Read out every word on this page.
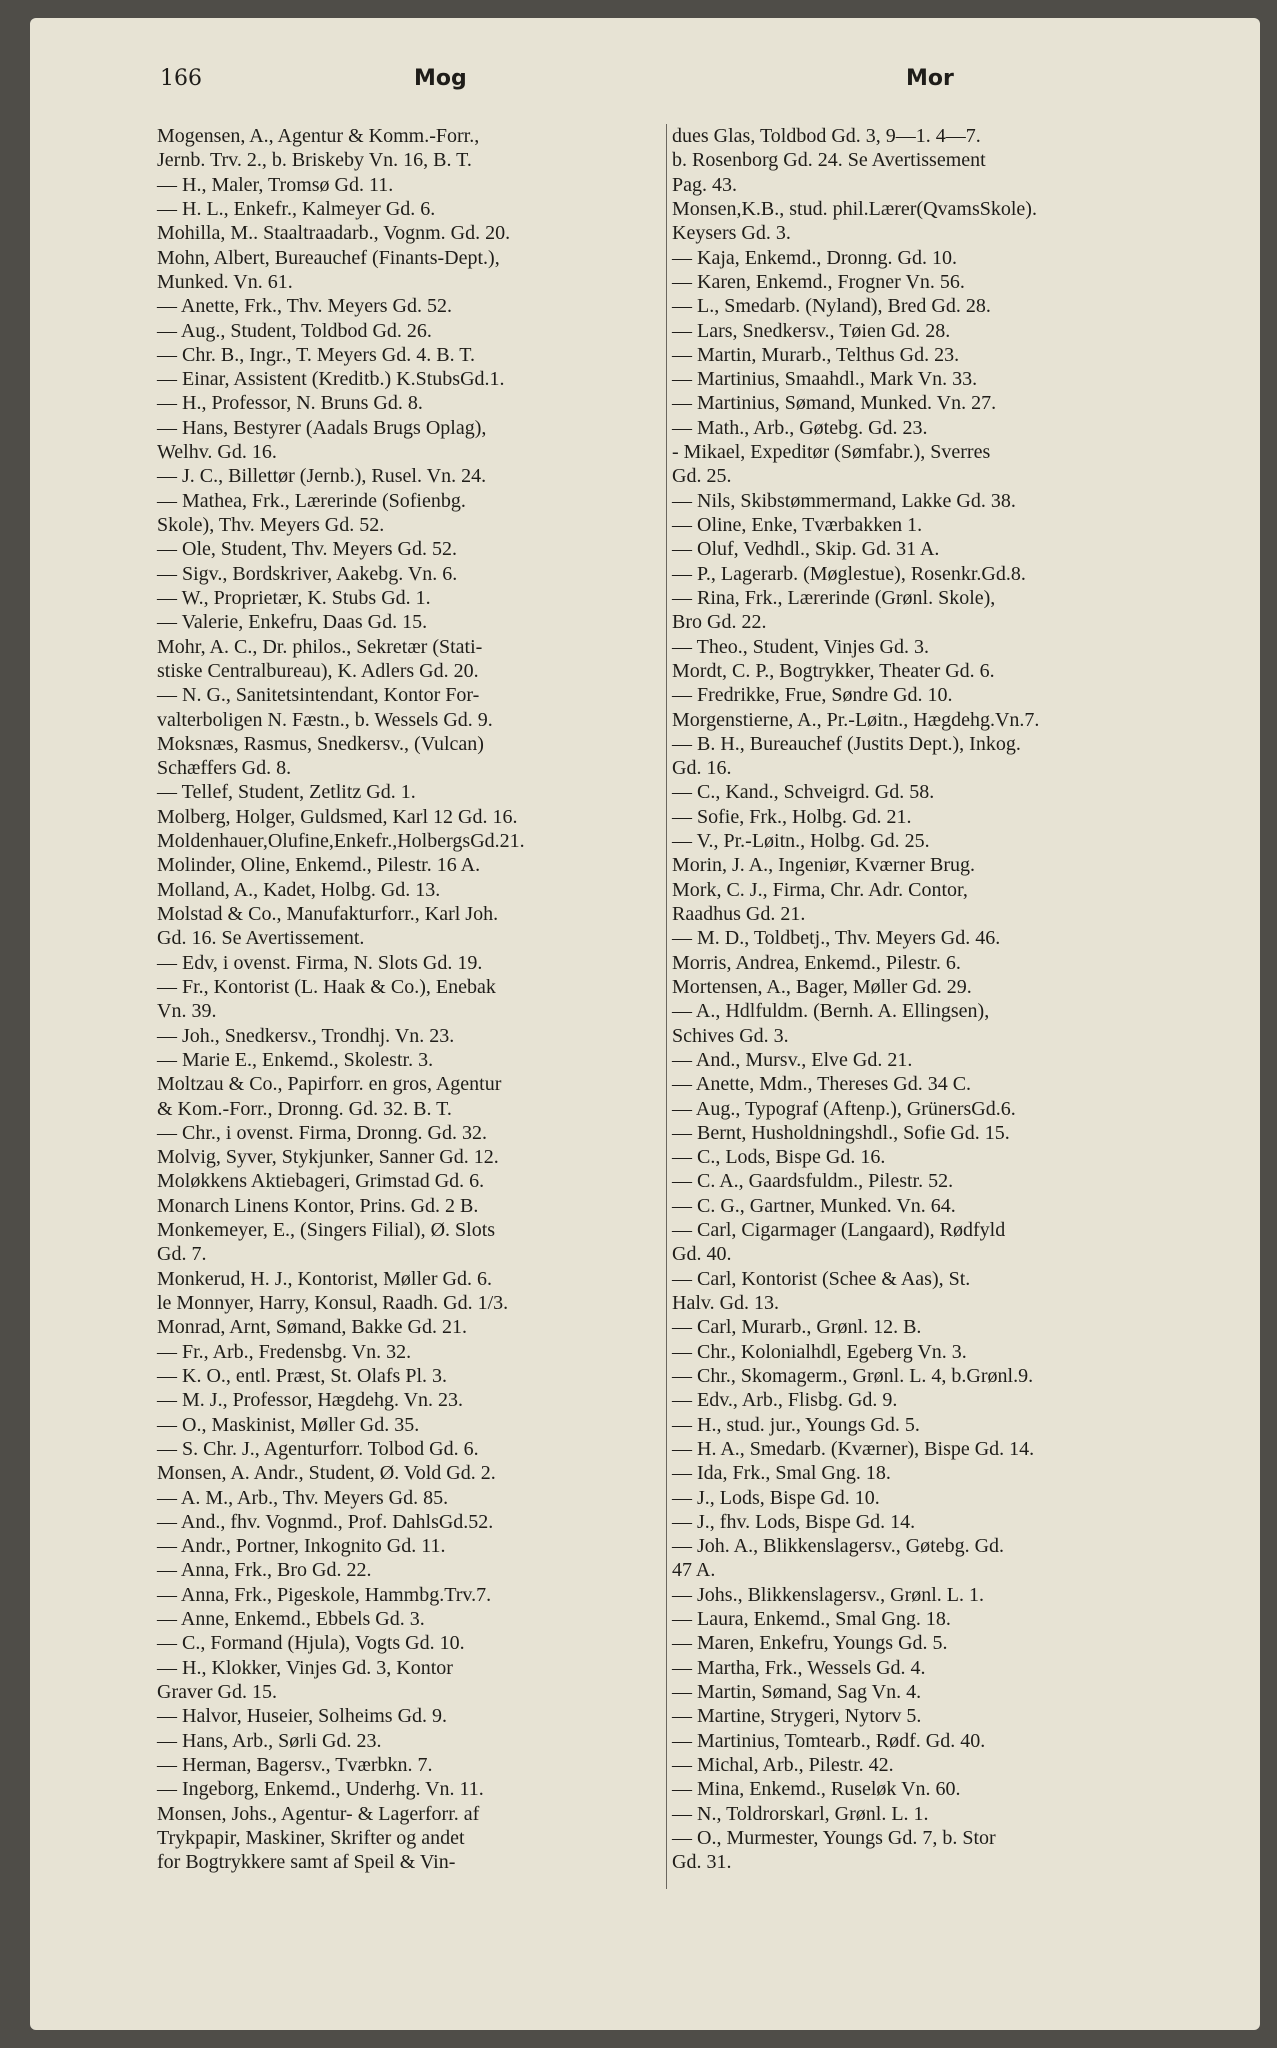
166	Mog	Mor
Mogensen, A., Agentur & Komm.-Forr.,
Jernb. Trv. 2., b. Briskeby Vn. 16, B. T.
— H., Maler, Tromsø Gd. 11.
— H. L., Enkefr., Kalmeyer Gd. 6.
Mohilla, M.. Staaltraadarb., Vognm. Gd. 20.
Mohn, Albert, Bureauchef (Finants-Dept.),
Munked. Vn. 61.
— Anette, Frk., Thv. Meyers Gd. 52.
— Aug., Student, Toldbod Gd. 26.
— Chr. B., Ingr., T. Meyers Gd. 4. B. T.
— Einar, Assistent (Kreditb.) K.StubsGd.1.
— H., Professor, N. Bruns Gd. 8.
— Hans, Bestyrer (Aadals Brugs Oplag),
Welhv. Gd. 16.
— J. C., Billettør (Jernb.), Rusel. Vn. 24.
— Mathea, Frk., Lærerinde (Sofienbg.
Skole), Thv. Meyers Gd. 52.
— Ole, Student, Thv. Meyers Gd. 52.
— Sigv., Bordskriver, Aakebg. Vn. 6.
— W., Proprietær, K. Stubs Gd. 1.
— Valerie, Enkefru, Daas Gd. 15.
Mohr, A. C., Dr. philos., Sekretær (Stati-
stiske Centralbureau), K. Adlers Gd. 20.
— N. G., Sanitetsintendant, Kontor For-
valterboligen N. Fæstn., b. Wessels Gd. 9.
Moksnæs, Rasmus, Snedkersv., (Vulcan)
Schæffers Gd. 8.
— Tellef, Student, Zetlitz Gd. 1.
Molberg, Holger, Guldsmed, Karl 12 Gd. 16.
Moldenhauer,Olufine,Enkefr.,HolbergsGd.21.
Molinder, Oline, Enkemd., Pilestr. 16 A.
Molland, A., Kadet, Holbg. Gd. 13.
Molstad & Co., Manufakturforr., Karl Joh.
Gd. 16. Se Avertissement.
— Edv, i ovenst. Firma, N. Slots Gd. 19.
— Fr., Kontorist (L. Haak & Co.), Enebak
Vn. 39.
— Joh., Snedkersv., Trondhj. Vn. 23.
— Marie E., Enkemd., Skolestr. 3.
Moltzau & Co., Papirforr. en gros, Agentur
& Kom.-Forr., Dronng. Gd. 32. B. T.
— Chr., i ovenst. Firma, Dronng. Gd. 32.
Molvig, Syver, Stykjunker, Sanner Gd. 12.
Moløkkens Aktiebageri, Grimstad Gd. 6.
Monarch Linens Kontor, Prins. Gd. 2 B.
Monkemeyer, E., (Singers Filial), Ø. Slots
Gd. 7.
Monkerud, H. J., Kontorist, Møller Gd. 6.
le Monnyer, Harry, Konsul, Raadh. Gd. 1/3.
Monrad, Arnt, Sømand, Bakke Gd. 21.
— Fr., Arb., Fredensbg. Vn. 32.
— K. O., entl. Præst, St. Olafs Pl. 3.
— M. J., Professor, Hægdehg. Vn. 23.
— O., Maskinist, Møller Gd. 35.
— S. Chr. J., Agenturforr. Tolbod Gd. 6.
Monsen, A. Andr., Student, Ø. Vold Gd. 2.
— A. M., Arb., Thv. Meyers Gd. 85.
— And., fhv. Vognmd., Prof. DahlsGd.52.
— Andr., Portner, Inkognito Gd. 11.
— Anna, Frk., Bro Gd. 22.
— Anna, Frk., Pigeskole, Hammbg.Trv.7.
— Anne, Enkemd., Ebbels Gd. 3.
— C., Formand (Hjula), Vogts Gd. 10.
— H., Klokker, Vinjes Gd. 3, Kontor
Graver Gd. 15.
— Halvor, Huseier, Solheims Gd. 9.
— Hans, Arb., Sørli Gd. 23.
— Herman, Bagersv., Tværbkn. 7.
— Ingeborg, Enkemd., Underhg. Vn. 11.
Monsen, Johs., Agentur- & Lagerforr. af
Trykpapir, Maskiner, Skrifter og andet
for Bogtrykkere samt af Speil & Vin-
dues Glas, Toldbod Gd. 3, 9—1. 4—7.
b. Rosenborg Gd. 24. Se Avertissement
Pag. 43.
Monsen,K.B., stud. phil.Lærer(QvamsSkole).
Keysers Gd. 3.
— Kaja, Enkemd., Dronng. Gd. 10.
— Karen, Enkemd., Frogner Vn. 56.
— L., Smedarb. (Nyland), Bred Gd. 28.
— Lars, Snedkersv., Tøien Gd. 28.
— Martin, Murarb., Telthus Gd. 23.
— Martinius, Smaahdl., Mark Vn. 33.
— Martinius, Sømand, Munked. Vn. 27.
— Math., Arb., Gøtebg. Gd. 23.
- Mikael, Expeditør (Sømfabr.), Sverres
Gd. 25.
— Nils, Skibstømmermand, Lakke Gd. 38.
— Oline, Enke, Tværbakken 1.
— Oluf, Vedhdl., Skip. Gd. 31 A.
— P., Lagerarb. (Møglestue), Rosenkr.Gd.8.
— Rina, Frk., Lærerinde (Grønl. Skole),
Bro Gd. 22.
— Theo., Student, Vinjes Gd. 3.
Mordt, C. P., Bogtrykker, Theater Gd. 6.
— Fredrikke, Frue, Søndre Gd. 10.
Morgenstierne, A., Pr.-Løitn., Hægdehg.Vn.7.
— B. H., Bureauchef (Justits Dept.), Inkog.
Gd. 16.
— C., Kand., Schveigrd. Gd. 58.
— Sofie, Frk., Holbg. Gd. 21.
— V., Pr.-Løitn., Holbg. Gd. 25.
Morin, J. A., Ingeniør, Kværner Brug.
Mork, C. J., Firma, Chr. Adr. Contor,
Raadhus Gd. 21.
— M. D., Toldbetj., Thv. Meyers Gd. 46.
Morris, Andrea, Enkemd., Pilestr. 6.
Mortensen, A., Bager, Møller Gd. 29.
— A., Hdlfuldm. (Bernh. A. Ellingsen),
Schives Gd. 3.
— And., Mursv., Elve Gd. 21.
— Anette, Mdm., Thereses Gd. 34 C.
— Aug., Typograf (Aftenp.), GrünersGd.6.
— Bernt, Husholdningshdl., Sofie Gd. 15.
— C., Lods, Bispe Gd. 16.
— C. A., Gaardsfuldm., Pilestr. 52.
— C. G., Gartner, Munked. Vn. 64.
— Carl, Cigarmager (Langaard), Rødfyld
Gd. 40.
— Carl, Kontorist (Schee & Aas), St.
Halv. Gd. 13.
— Carl, Murarb., Grønl. 12. B.
— Chr., Kolonialhdl, Egeberg Vn. 3.
— Chr., Skomagerm., Grønl. L. 4, b.Grønl.9.
— Edv., Arb., Flisbg. Gd. 9.
— H., stud. jur., Youngs Gd. 5.
— H. A., Smedarb. (Kværner), Bispe Gd. 14.
— Ida, Frk., Smal Gng. 18.
— J., Lods, Bispe Gd. 10.
— J., fhv. Lods, Bispe Gd. 14.
— Joh. A., Blikkenslagersv., Gøtebg. Gd.
47 A.
— Johs., Blikkenslagersv., Grønl. L. 1.
— Laura, Enkemd., Smal Gng. 18.
— Maren, Enkefru, Youngs Gd. 5.
— Martha, Frk., Wessels Gd. 4.
— Martin, Sømand, Sag Vn. 4.
— Martine, Strygeri, Nytorv 5.
— Martinius, Tomtearb., Rødf. Gd. 40.
— Michal, Arb., Pilestr. 42.
— Mina, Enkemd., Ruseløk Vn. 60.
— N., Toldrorskarl, Grønl. L. 1.
— O., Murmester, Youngs Gd. 7, b. Stor
Gd. 31.
